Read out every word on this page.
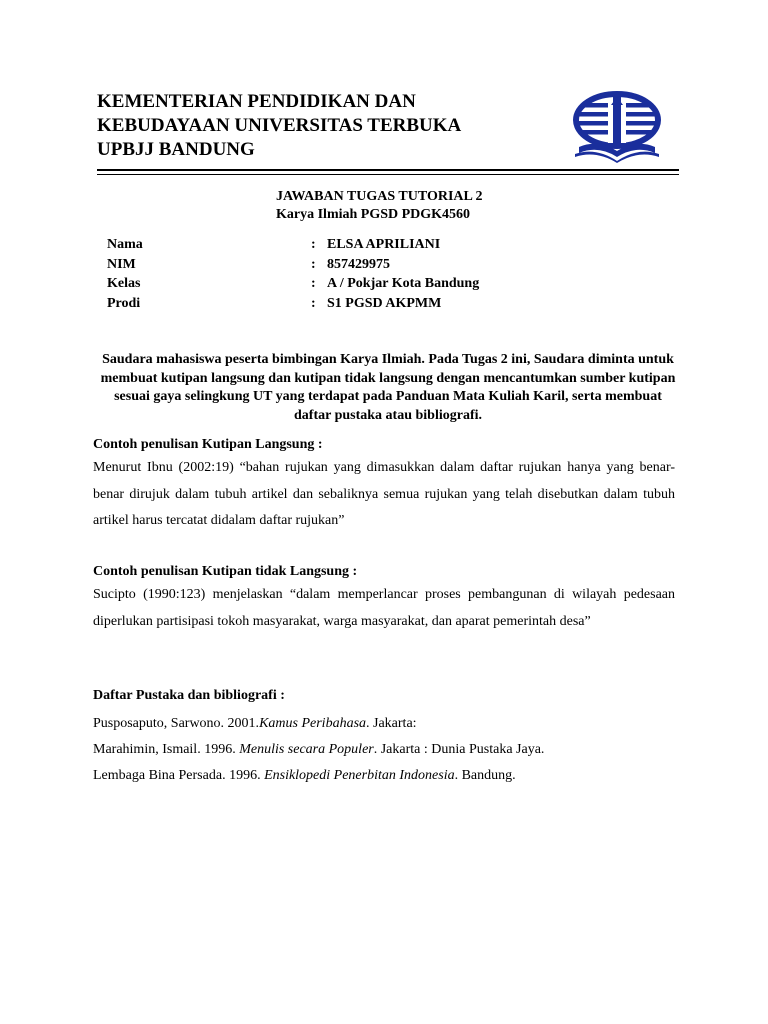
KEMENTERIAN PENDIDIKAN DAN
KEBUDAYAAN UNIVERSITAS TERBUKA
UPBJJ BANDUNG
JAWABAN TUGAS TUTORIAL 2
Karya Ilmiah PGSD PDGK4560
Nama	: ELSA APRILIANI
NIM	: 857429975
Kelas	: A / Pokjar Kota Bandung
Prodi	: S1 PGSD AKPMM
Saudara mahasiswa peserta bimbingan Karya Ilmiah. Pada Tugas 2 ini, Saudara diminta untuk membuat kutipan langsung dan kutipan tidak langsung dengan mencantumkan sumber kutipan sesuai gaya selingkung UT yang terdapat pada Panduan Mata Kuliah Karil, serta membuat daftar pustaka atau bibliografi.
Contoh penulisan Kutipan Langsung :
Menurut Ibnu (2002:19) “bahan rujukan yang dimasukkan dalam daftar rujukan hanya yang benar-benar dirujuk dalam tubuh artikel dan sebaliknya semua rujukan yang telah disebutkan dalam tubuh artikel harus tercatat didalam daftar rujukan”
Contoh penulisan Kutipan tidak Langsung :
Sucipto (1990:123) menjelaskan “dalam memperlancar proses pembangunan di wilayah pedesaan diperlukan partisipasi tokoh masyarakat, warga masyarakat, dan aparat pemerintah desa”
Daftar Pustaka dan bibliografi :
Pusposaputo, Sarwono. 2001.Kamus Peribahasa. Jakarta:
Marahimin, Ismail. 1996. Menulis secara Populer. Jakarta : Dunia Pustaka Jaya.
Lembaga Bina Persada. 1996. Ensiklopedi Penerbitan Indonesia. Bandung.
